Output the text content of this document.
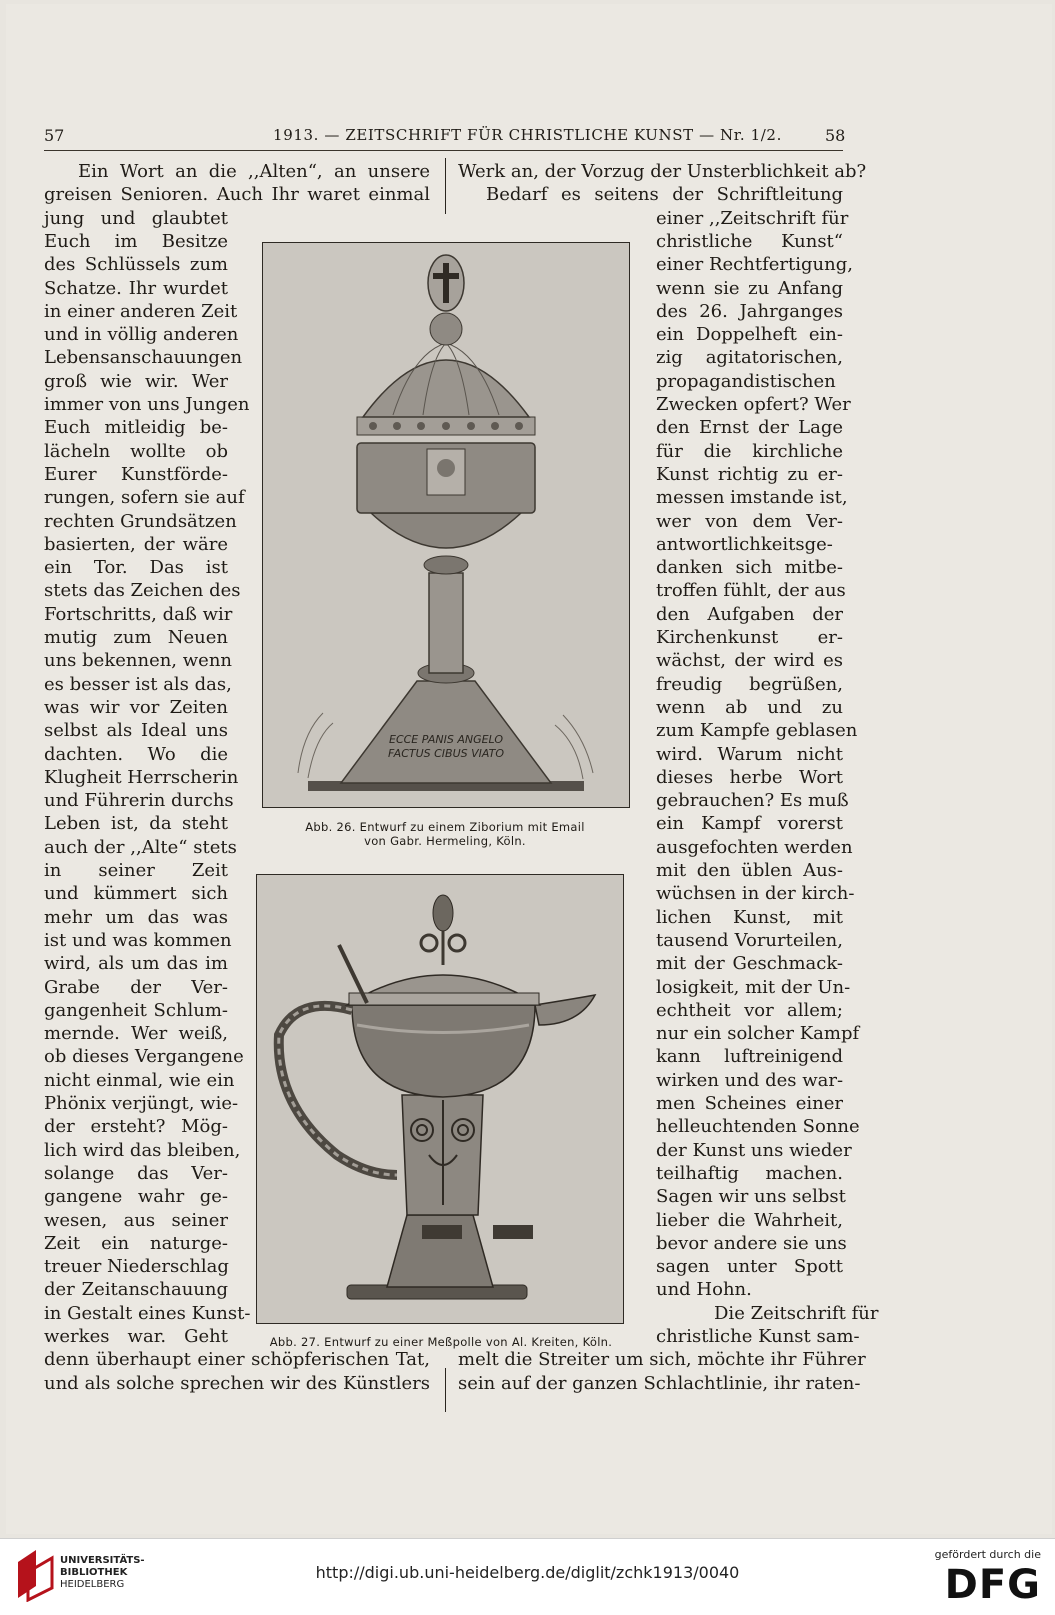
57	1913. — ZEITSCHRIFT FÜR CHRISTLICHE KUNST — Nr. 1/2.	58
Ein Wort an die ,,Alten“, an unsere
greisen Senioren. Auch Ihr waret einmal
jung und glaubtet
Euch im Besitze
des Schlüssels zum
Schatze. Ihr wurdet
in einer anderen Zeit
und in völlig anderen
Lebensanschauungen
groß wie wir. Wer
immer von uns Jungen
Euch mitleidig be-
lächeln wollte ob
Eurer Kunstförde-
rungen, sofern sie auf
rechten Grundsätzen
basierten, der wäre
ein Tor. Das ist
stets das Zeichen des
Fortschritts, daß wir
mutig zum Neuen
uns bekennen, wenn
es besser ist als das,
was wir vor Zeiten
selbst als Ideal uns
dachten. Wo die
Klugheit Herrscherin
und Führerin durchs
Leben ist, da steht
auch der ,,Alte“ stets
in seiner Zeit
und kümmert sich
mehr um das was
ist und was kommen
wird, als um das im
Grabe der Ver-
gangenheit Schlum-
mernde. Wer weiß,
ob dieses Vergangene
nicht einmal, wie ein
Phönix verjüngt, wie-
der ersteht? Mög-
lich wird das bleiben,
solange das Ver-
gangene wahr ge-
wesen, aus seiner
Zeit ein naturge-
treuer Niederschlag
der Zeitanschauung
in Gestalt eines Kunst-
werkes war. Geht
denn überhaupt einer schöpferischen Tat,
und als solche sprechen wir des Künstlers
Werk an, der Vorzug der Unsterblichkeit ab?
Bedarf es seitens der Schriftleitung
einer ,,Zeitschrift für
christliche Kunst“
einer Rechtfertigung,
wenn sie zu Anfang
des 26. Jahrganges
ein Doppelheft ein-
zig agitatorischen,
propagandistischen
Zwecken opfert? Wer
den Ernst der Lage
für die kirchliche
Kunst richtig zu er-
messen imstande ist,
wer von dem Ver-
antwortlichkeitsge-
danken sich mitbe-
troffen fühlt, der aus
den Aufgaben der
Kirchenkunst er-
wächst, der wird es
freudig begrüßen,
wenn ab und zu
zum Kampfe geblasen
wird. Warum nicht
dieses herbe Wort
gebrauchen? Es muß
ein Kampf vorerst
ausgefochten werden
mit den üblen Aus-
wüchsen in der kirch-
lichen Kunst, mit
tausend Vorurteilen,
mit der Geschmack-
losigkeit, mit der Un-
echtheit vor allem;
nur ein solcher Kampf
kann luftreinigend
wirken und des war-
men Scheines einer
helleuchtenden Sonne
der Kunst uns wieder
teilhaftig machen.
Sagen wir uns selbst
lieber die Wahrheit,
bevor andere sie uns
sagen unter Spott
und Hohn.
Die Zeitschrift für
christliche Kunst sam-
melt die Streiter um sich, möchte ihr Führer
sein auf der ganzen Schlachtlinie, ihr raten-
ECCE PANIS ANGELO
FACTUS CIBUS VIATO
Abb. 26. Entwurf zu einem Ziborium mit Email
von Gabr. Hermeling, Köln.
Abb. 27. Entwurf zu einer Meßpolle von Al. Kreiten, Köln.
UNIVERSITÄTS-
BIBLIOTHEK
HEIDELBERG
http://digi.ub.uni-heidelberg.de/diglit/zchk1913/0040
gefördert durch die
DFG
